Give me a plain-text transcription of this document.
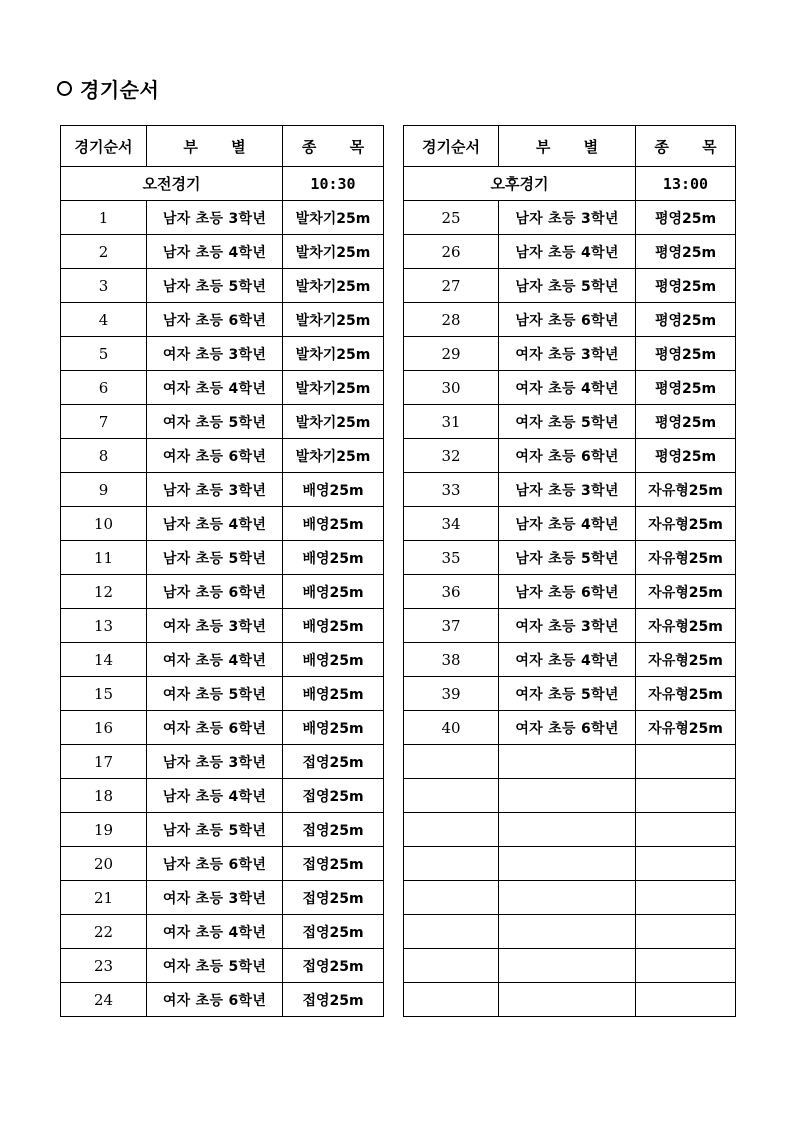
경기순서
경기순서	부 별	종 목
오전경기		10:30
1	남자 초등 3학년	발차기25m
2	남자 초등 4학년	발차기25m
3	남자 초등 5학년	발차기25m
4	남자 초등 6학년	발차기25m
5	여자 초등 3학년	발차기25m
6	여자 초등 4학년	발차기25m
7	여자 초등 5학년	발차기25m
8	여자 초등 6학년	발차기25m
9	남자 초등 3학년	배영25m
10	남자 초등 4학년	배영25m
11	남자 초등 5학년	배영25m
12	남자 초등 6학년	배영25m
13	여자 초등 3학년	배영25m
14	여자 초등 4학년	배영25m
15	여자 초등 5학년	배영25m
16	여자 초등 6학년	배영25m
17	남자 초등 3학년	접영25m
18	남자 초등 4학년	접영25m
19	남자 초등 5학년	접영25m
20	남자 초등 6학년	접영25m
21	여자 초등 3학년	접영25m
22	여자 초등 4학년	접영25m
23	여자 초등 5학년	접영25m
24	여자 초등 6학년	접영25m
경기순서	부 별	종 목
오후경기		13:00
25	남자 초등 3학년	평영25m
26	남자 초등 4학년	평영25m
27	남자 초등 5학년	평영25m
28	남자 초등 6학년	평영25m
29	여자 초등 3학년	평영25m
30	여자 초등 4학년	평영25m
31	여자 초등 5학년	평영25m
32	여자 초등 6학년	평영25m
33	남자 초등 3학년	자유형25m
34	남자 초등 4학년	자유형25m
35	남자 초등 5학년	자유형25m
36	남자 초등 6학년	자유형25m
37	여자 초등 3학년	자유형25m
38	여자 초등 4학년	자유형25m
39	여자 초등 5학년	자유형25m
40	여자 초등 6학년	자유형25m
